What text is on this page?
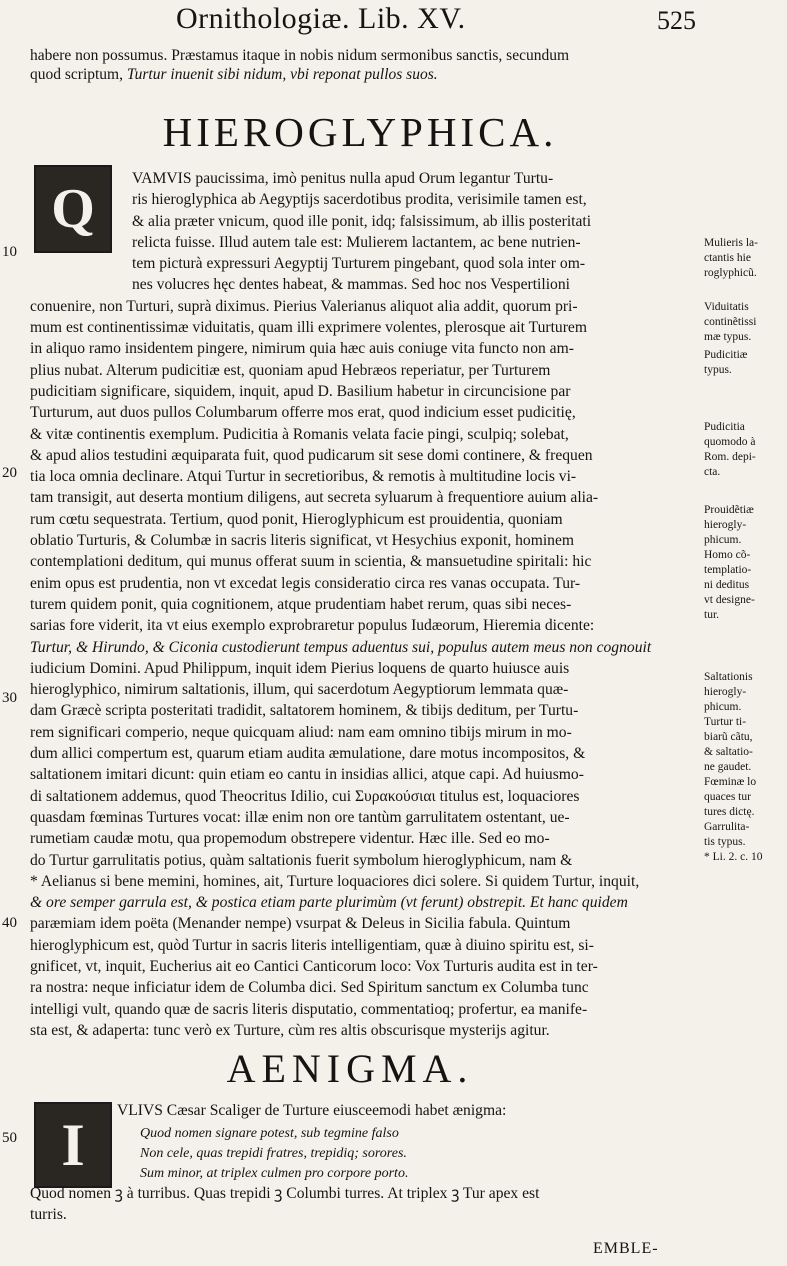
Ornithologiæ. Lib. XV.	525
habere non possumus. Præstamus itaque in nobis nidum sermonibus sanctis, secundum
quod scriptum, Turtur inuenit sibi nidum, vbi reponat pullos suos.
HIEROGLYPHICA.
Q	VAMVIS paucissima, imò penitus nulla apud Orum legantur Turtu-
ris hieroglyphica ab Aegyptijs sacerdotibus prodita, verisimile tamen est,
& alia præter vnicum, quod ille ponit, idq; falsissimum, ab illis posteritati
relicta fuisse. Illud autem tale est: Mulierem lactantem, ac bene nutrien-
tem picturà expressuri Aegyptij Turturem pingebant, quod sola inter om-
nes volucres hęc dentes habeat, & mammas. Sed hoc nos Vespertilioni
conuenire, non Turturi, suprà diximus. Pierius Valerianus aliquot alia addit, quorum pri-
mum est continentissimæ viduitatis, quam illi exprimere volentes, plerosque ait Turturem
in aliquo ramo insidentem pingere, nimirum quia hæc auis coniuge vita functo non am-
plius nubat. Alterum pudicitiæ est, quoniam apud Hebræos reperiatur, per Turturem
pudicitiam significare, siquidem, inquit, apud D. Basilium habetur in circuncisione par
Turturum, aut duos pullos Columbarum offerre mos erat, quod indicium esset pudicitię,
& vitæ continentis exemplum. Pudicitia à Romanis velata facie pingi, sculpiq; solebat,
& apud alios testudini æquiparata fuit, quod pudicarum sit sese domi continere, & frequen
tia loca omnia declinare. Atqui Turtur in secretioribus, & remotis à multitudine locis vi-
tam transigit, aut deserta montium diligens, aut secreta syluarum à frequentiore auium alia-
rum cœtu sequestrata. Tertium, quod ponit, Hieroglyphicum est prouidentia, quoniam
oblatio Turturis, & Columbæ in sacris literis significat, vt Hesychius exponit, hominem
contemplationi deditum, qui munus offerat suum in scientia, & mansuetudine spiritali: hic
enim opus est prudentia, non vt excedat legis consideratio circa res vanas occupata. Tur-
turem quidem ponit, quia cognitionem, atque prudentiam habet rerum, quas sibi neces-
sarias fore viderit, ita vt eius exemplo exprobraretur populus Iudæorum, Hieremia dicente:
Turtur, & Hirundo, & Ciconia custodierunt tempus aduentus sui, populus autem meus non cognouit
iudicium Domini. Apud Philippum, inquit idem Pierius loquens de quarto huiusce auis
hieroglyphico, nimirum saltationis, illum, qui sacerdotum Aegyptiorum lemmata quæ-
dam Græcè scripta posteritati tradidit, saltatorem hominem, & tibijs deditum, per Turtu-
rem significari comperio, neque quicquam aliud: nam eam omnino tibijs mirum in mo-
dum allici compertum est, quarum etiam audita æmulatione, dare motus incompositos, &
saltationem imitari dicunt: quin etiam eo cantu in insidias allici, atque capi. Ad huiusmo-
di saltationem addemus, quod Theocritus Idilio, cui Συρακούσιαι titulus est, loquaciores
quasdam fœminas Turtures vocat: illæ enim non ore tantùm garrulitatem ostentant, ue-
rumetiam caudæ motu, qua propemodum obstrepere videntur. Hæc ille. Sed eo mo-
do Turtur garrulitatis potius, quàm saltationis fuerit symbolum hieroglyphicum, nam &
* Aelianus si bene memini, homines, ait, Turture loquaciores dici solere. Si quidem Turtur, inquit,
& ore semper garrula est, & postica etiam parte plurimùm (vt ferunt) obstrepit. Et hanc quidem
paræmiam idem poëta (Menander nempe) vsurpat & Deleus in Sicilia fabula. Quintum
hieroglyphicum est, quòd Turtur in sacris literis intelligentiam, quæ à diuino spiritu est, si-
gnificet, vt, inquit, Eucherius ait eo Cantici Canticorum loco: Vox Turturis audita est in ter-
ra nostra: neque inficiatur idem de Columba dici. Sed Spiritum sanctum ex Columba tunc
intelligi vult, quando quæ de sacris literis disputatio, commentatioq; profertur, ea manife-
sta est, & adaperta: tunc verò ex Turture, cùm res altis obscurisque mysterijs agitur.
10
20
30
40
50
Mulieris la-
ctantis hie
roglyphicũ.
Viduitatis
continẽtissi
mæ typus.
Pudicitiæ
typus.
Pudicitia
quomodo à
Rom. depi-
cta.
Prouidẽtiæ
hierogly-
phicum.
Homo cõ-
templatio-
ni deditus
vt designe-
tur.
Saltationis
hierogly-
phicum.
Turtur ti-
biarũ cãtu,
& saltatio-
ne gaudet.
Fœminæ lo
quaces tur
tures dictę.
Garrulita-
tis typus.
* Li. 2. c. 10
AENIGMA.
I
VLIVS Cæsar Scaliger de Turture eiusceemodi habet ænigma:
Quod nomen signare potest, sub tegmine falso
Non cele, quas trepidi fratres, trepidiq; sorores.
Sum minor, at triplex culmen pro corpore porto.
Quod nomen ꝫ à turribus. Quas trepidi ꝫ Columbi turres. At triplex ꝫ Tur apex est
turris.
EMBLE-
